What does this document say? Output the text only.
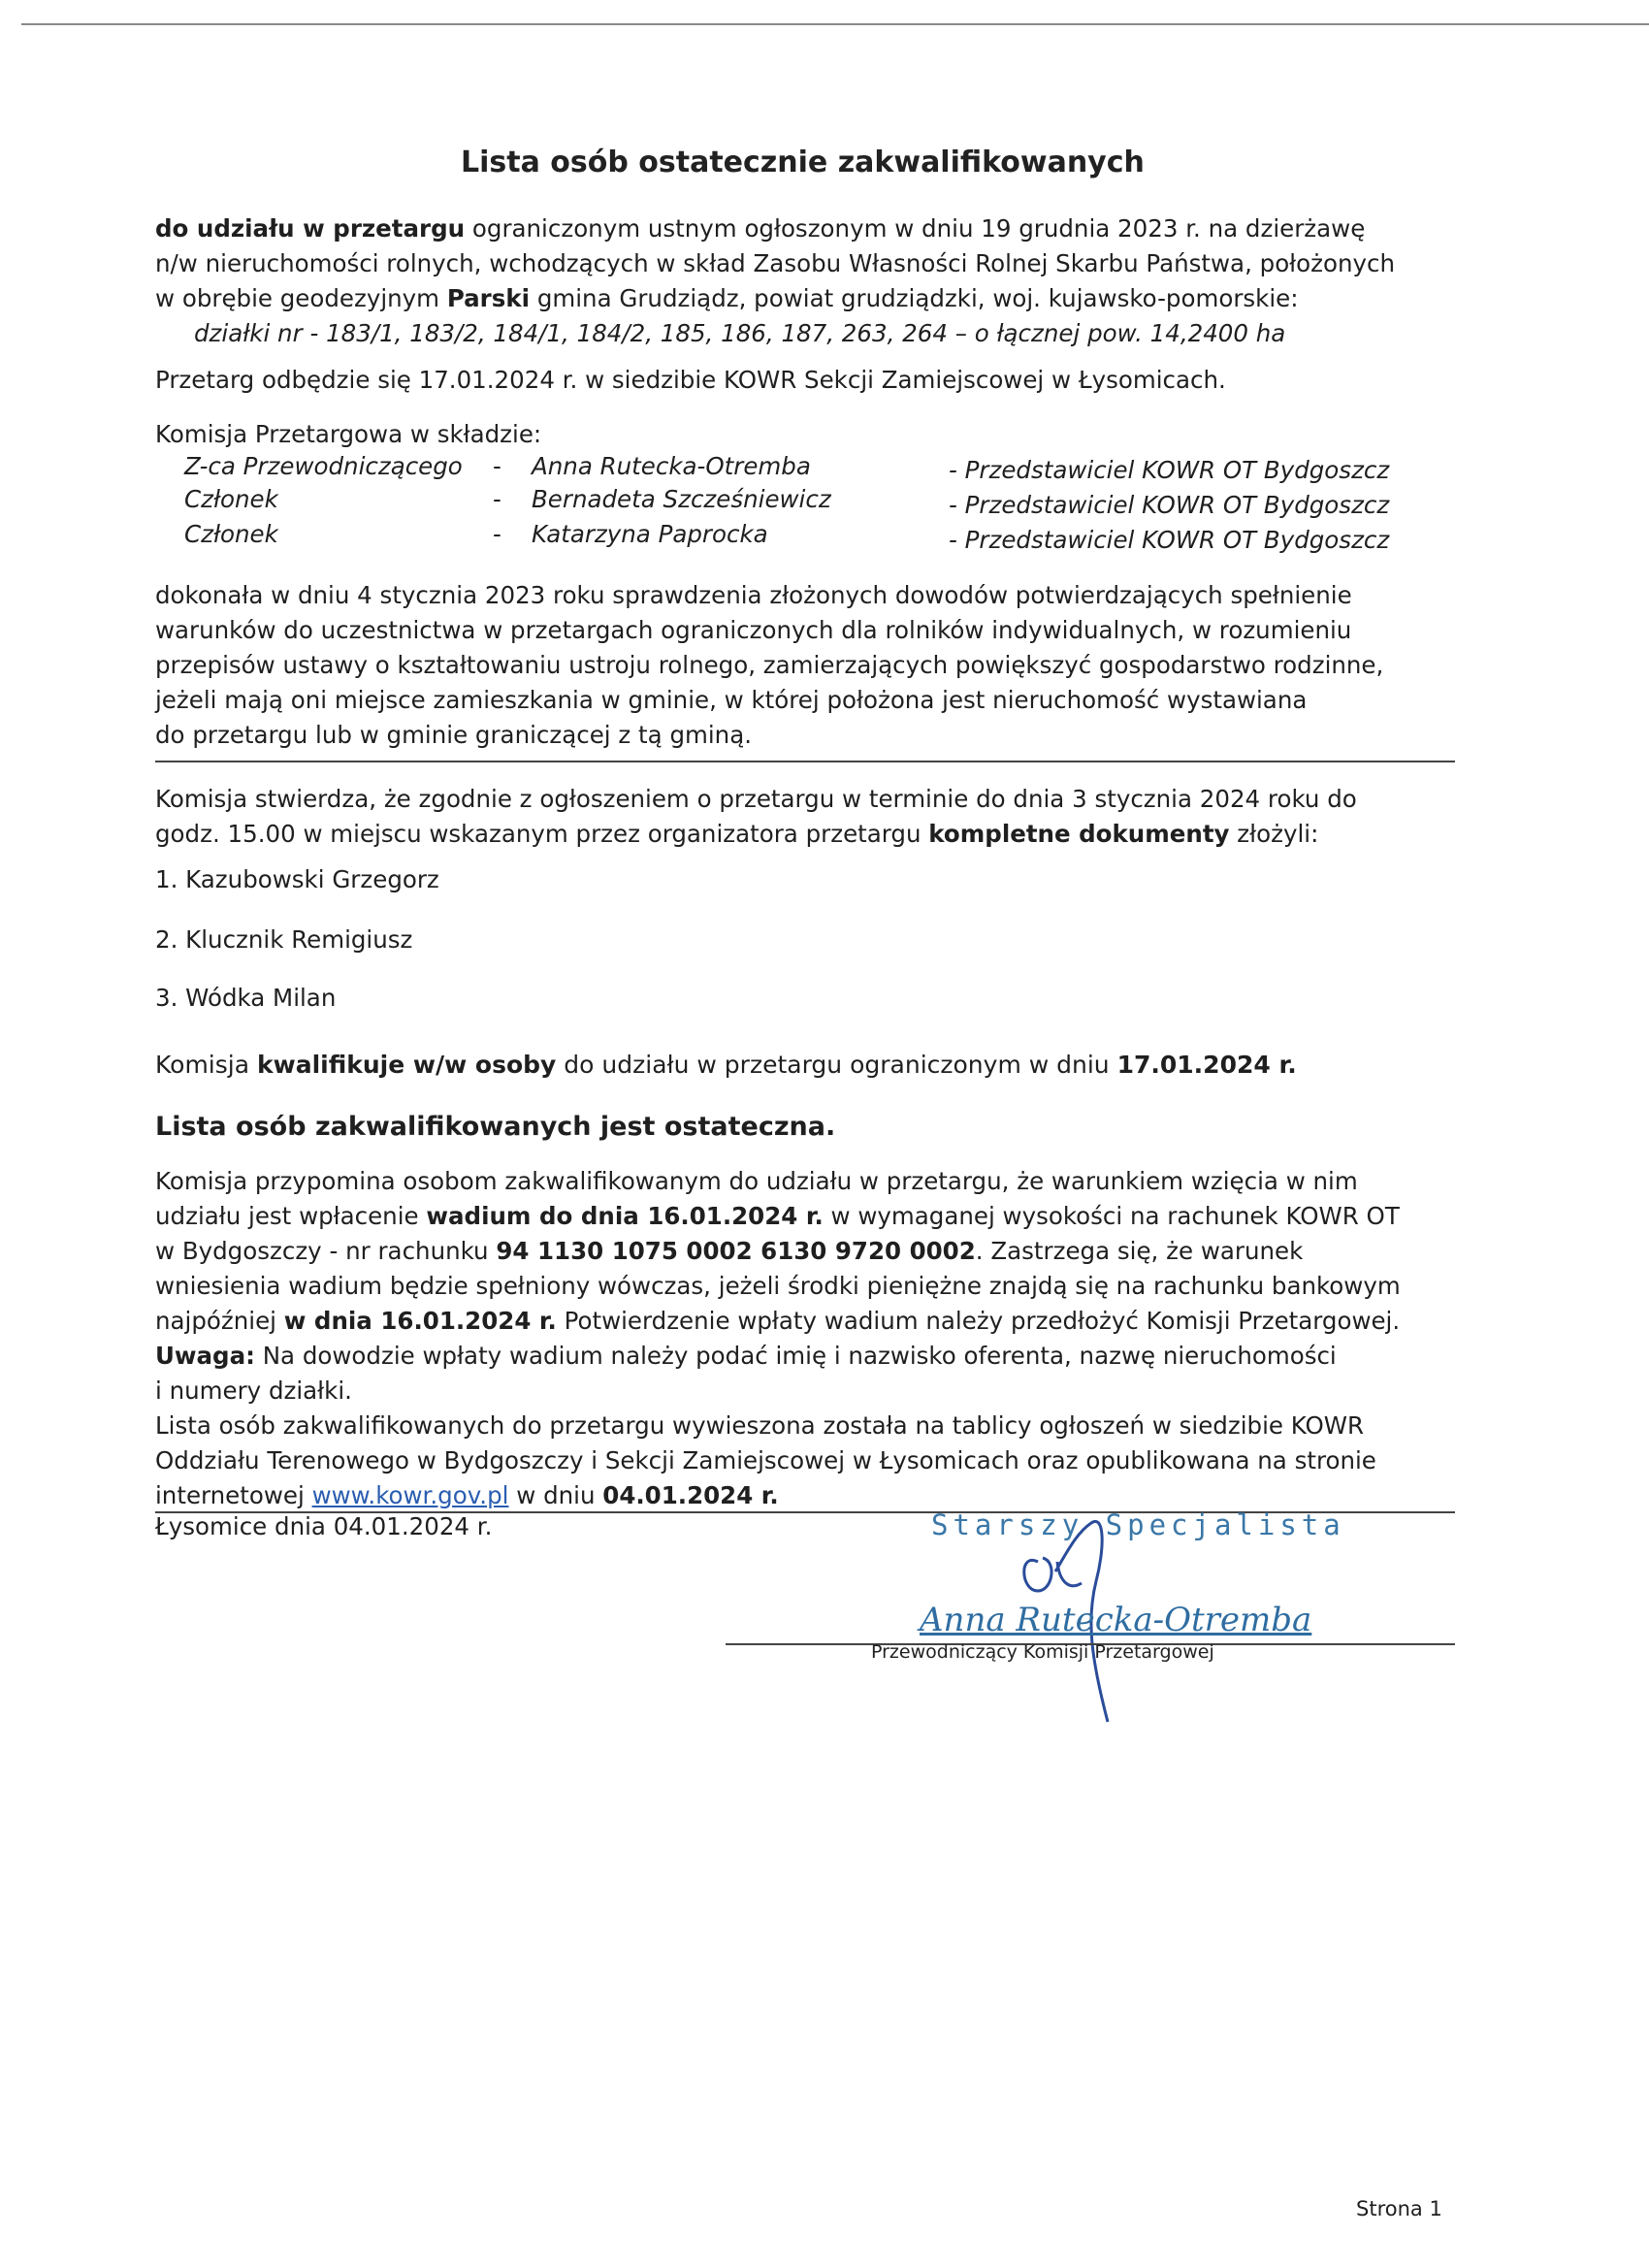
Lista osób ostatecznie zakwalifikowanych
do udziału w przetargu ograniczonym ustnym ogłoszonym w dniu 19 grudnia 2023 r. na dzierżawę
n/w nieruchomości rolnych, wchodzących w skład Zasobu Własności Rolnej Skarbu Państwa, położonych
w obrębie geodezyjnym Parski gmina Grudziądz, powiat grudziądzki, woj. kujawsko-pomorskie:
działki nr - 183/1, 183/2, 184/1, 184/2, 185, 186, 187, 263, 264 – o łącznej pow. 14,2400 ha
Przetarg odbędzie się 17.01.2024 r. w siedzibie KOWR Sekcji Zamiejscowej w Łysomicach.
Komisja Przetargowa w składzie:
Z-ca Przewodniczącego - Anna Rutecka-Otremba	- Przedstawiciel KOWR OT Bydgoszcz
Członek	- Bernadeta Szcześniewicz	- Przedstawiciel KOWR OT Bydgoszcz
Członek	- Katarzyna Paprocka	- Przedstawiciel KOWR OT Bydgoszcz
dokonała w dniu 4 stycznia 2023 roku sprawdzenia złożonych dowodów potwierdzających spełnienie
warunków do uczestnictwa w przetargach ograniczonych dla rolników indywidualnych, w rozumieniu
przepisów ustawy o kształtowaniu ustroju rolnego, zamierzających powiększyć gospodarstwo rodzinne,
jeżeli mają oni miejsce zamieszkania w gminie, w której położona jest nieruchomość wystawiana
do przetargu lub w gminie graniczącej z tą gminą.
Komisja stwierdza, że zgodnie z ogłoszeniem o przetargu w terminie do dnia 3 stycznia 2024 roku do
godz. 15.00 w miejscu wskazanym przez organizatora przetargu kompletne dokumenty złożyli:
1. Kazubowski Grzegorz
2. Klucznik Remigiusz
3. Wódka Milan
Komisja kwalifikuje w/w osoby do udziału w przetargu ograniczonym w dniu 17.01.2024 r.
Lista osób zakwalifikowanych jest ostateczna.
Komisja przypomina osobom zakwalifikowanym do udziału w przetargu, że warunkiem wzięcia w nim
udziału jest wpłacenie wadium do dnia 16.01.2024 r. w wymaganej wysokości na rachunek KOWR OT
w Bydgoszczy - nr rachunku 94 1130 1075 0002 6130 9720 0002. Zastrzega się, że warunek
wniesienia wadium będzie spełniony wówczas, jeżeli środki pieniężne znajdą się na rachunku bankowym
najpóźniej w dnia 16.01.2024 r. Potwierdzenie wpłaty wadium należy przedłożyć Komisji Przetargowej.
Uwaga: Na dowodzie wpłaty wadium należy podać imię i nazwisko oferenta, nazwę nieruchomości
i numery działki.
Lista osób zakwalifikowanych do przetargu wywieszona została na tablicy ogłoszeń w siedzibie KOWR
Oddziału Terenowego w Bydgoszczy i Sekcji Zamiejscowej w Łysomicach oraz opublikowana na stronie
internetowej www.kowr.gov.pl w dniu 04.01.2024 r.
Łysomice dnia 04.01.2024 r.	Starszy Specjalista
Anna Rutecka-Otremba
Przewodniczący Komisji Przetargowej
Strona 1
